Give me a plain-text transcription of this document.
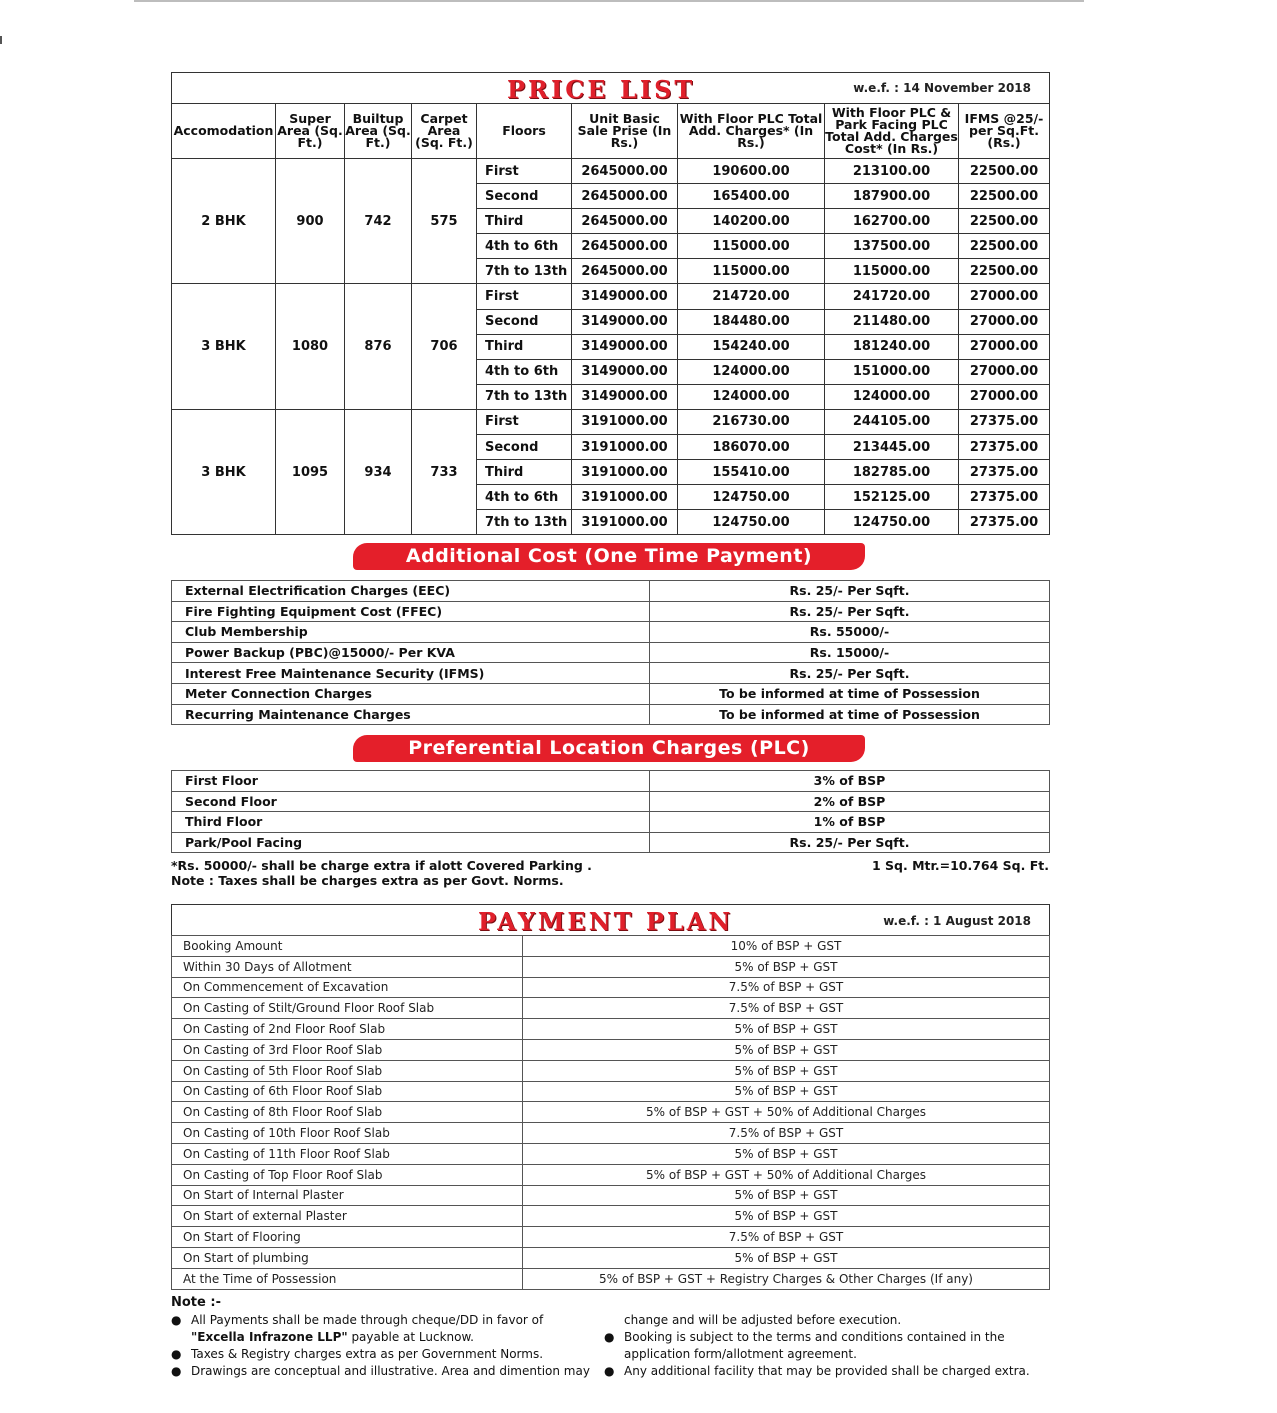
PRICE LIST	w.e.f. : 14 November 2018
Accomodation	Super Area (Sq. Ft.)	Builtup Area (Sq. Ft.)	Carpet Area (Sq. Ft.)	Floors	Unit Basic Sale Prise (In Rs.)	With Floor PLC Total Add. Charges* (In Rs.)	With Floor PLC & Park Facing PLC Total Add. Charges Cost* (In Rs.)	IFMS @25/- per Sq.Ft. (Rs.)
2 BHK	900	742	575	First	2645000.00	190600.00	213100.00	22500.00
				Second	2645000.00	165400.00	187900.00	22500.00
				Third	2645000.00	140200.00	162700.00	22500.00
				4th to 6th	2645000.00	115000.00	137500.00	22500.00
				7th to 13th	2645000.00	115000.00	115000.00	22500.00
3 BHK	1080	876	706	First	3149000.00	214720.00	241720.00	27000.00
				Second	3149000.00	184480.00	211480.00	27000.00
				Third	3149000.00	154240.00	181240.00	27000.00
				4th to 6th	3149000.00	124000.00	151000.00	27000.00
				7th to 13th	3149000.00	124000.00	124000.00	27000.00
3 BHK	1095	934	733	First	3191000.00	216730.00	244105.00	27375.00
				Second	3191000.00	186070.00	213445.00	27375.00
				Third	3191000.00	155410.00	182785.00	27375.00
				4th to 6th	3191000.00	124750.00	152125.00	27375.00
				7th to 13th	3191000.00	124750.00	124750.00	27375.00
Additional Cost (One Time Payment)
External Electrification Charges (EEC)	Rs. 25/- Per Sqft.
Fire Fighting Equipment Cost (FFEC)	Rs. 25/- Per Sqft.
Club Membership	Rs. 55000/-
Power Backup (PBC)@15000/- Per KVA	Rs. 15000/-
Interest Free Maintenance Security (IFMS)	Rs. 25/- Per Sqft.
Meter Connection Charges	To be informed at time of Possession
Recurring Maintenance Charges	To be informed at time of Possession
Preferential Location Charges (PLC)
First Floor	3% of BSP
Second Floor	2% of BSP
Third Floor	1% of BSP
Park/Pool Facing	Rs. 25/- Per Sqft.
*Rs. 50000/- shall be charge extra if alott Covered Parking .
Note : Taxes shall be charges extra as per Govt. Norms.
1 Sq. Mtr.=10.764 Sq. Ft.
PAYMENT PLAN	w.e.f. : 1 August 2018
Booking Amount	10% of BSP + GST
Within 30 Days of Allotment	5% of BSP + GST
On Commencement of Excavation	7.5% of BSP + GST
On Casting of Stilt/Ground Floor Roof Slab	7.5% of BSP + GST
On Casting of 2nd Floor Roof Slab	5% of BSP + GST
On Casting of 3rd Floor Roof Slab	5% of BSP + GST
On Casting of 5th Floor Roof Slab	5% of BSP + GST
On Casting of 6th Floor Roof Slab	5% of BSP + GST
On Casting of 8th Floor Roof Slab	5% of BSP + GST + 50% of Additional Charges
On Casting of 10th Floor Roof Slab	7.5% of BSP + GST
On Casting of 11th Floor Roof Slab	5% of BSP + GST
On Casting of Top Floor Roof Slab	5% of BSP + GST + 50% of Additional Charges
On Start of Internal Plaster	5% of BSP + GST
On Start of external Plaster	5% of BSP + GST
On Start of Flooring	7.5% of BSP + GST
On Start of plumbing	5% of BSP + GST
At the Time of Possession	5% of BSP + GST + Registry Charges & Other Charges (If any)
Note :-
● All Payments shall be made through cheque/DD in favor of
"Excella Infrazone LLP" payable at Lucknow.
● Taxes & Registry charges extra as per Government Norms.
● Drawings are conceptual and illustrative. Area and dimention may
change and will be adjusted before execution.
● Booking is subject to the terms and conditions contained in the application form/allotment agreement.
● Any additional facility that may be provided shall be charged extra.
